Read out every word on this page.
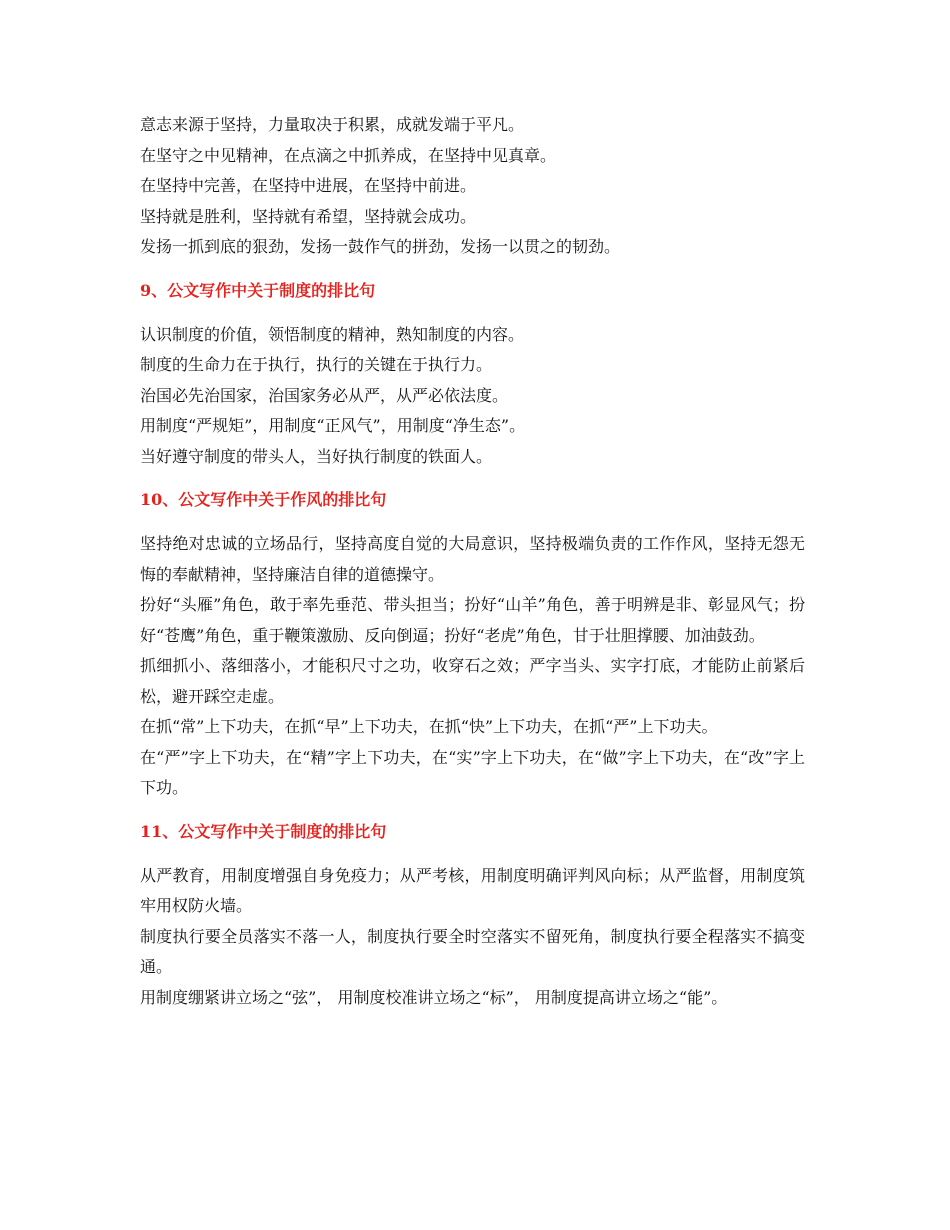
意志来源于坚持，力量取决于积累，成就发端于平凡。

在坚守之中见精神，在点滴之中抓养成，在坚持中见真章。

在坚持中完善，在坚持中进展，在坚持中前进。

坚持就是胜利，坚持就有希望，坚持就会成功。

发扬一抓到底的狠劲，发扬一鼓作气的拼劲，发扬一以贯之的韧劲。

9、公文写作中关于制度的排比句

认识制度的价值，领悟制度的精神，熟知制度的内容。

制度的生命力在于执行，执行的关键在于执行力。

治国必先治国家，治国家务必从严，从严必依法度。

用制度“严规矩”，用制度“正风气”，用制度“净生态”。

当好遵守制度的带头人，当好执行制度的铁面人。

10、公文写作中关于作风的排比句

坚持绝对忠诚的立场品行，坚持高度自觉的大局意识，坚持极端负责的工作作风，坚持无怨无悔的奉献精神，坚持廉洁自律的道德操守。

扮好“头雁”角色，敢于率先垂范、带头担当；扮好“山羊”角色，善于明辨是非、彰显风气；扮好“苍鹰”角色，重于鞭策激励、反向倒逼；扮好“老虎”角色，甘于壮胆撑腰、加油鼓劲。

抓细抓小、落细落小，才能积尺寸之功，收穿石之效；严字当头、实字打底，才能防止前紧后松，避开踩空走虚。

在抓“常”上下功夫，在抓“早”上下功夫，在抓“快”上下功夫，在抓“严”上下功夫。

在“严”字上下功夫，在“精”字上下功夫，在“实”字上下功夫，在“做”字上下功夫，在“改”字上下功。

11、公文写作中关于制度的排比句

从严教育，用制度增强自身免疫力；从严考核，用制度明确评判风向标；从严监督，用制度筑牢用权防火墙。

制度执行要全员落实不落一人，制度执行要全时空落实不留死角，制度执行要全程落实不搞变通。

用制度绷紧讲立场之“弦”， 用制度校准讲立场之“标”， 用制度提高讲立场之“能”。
